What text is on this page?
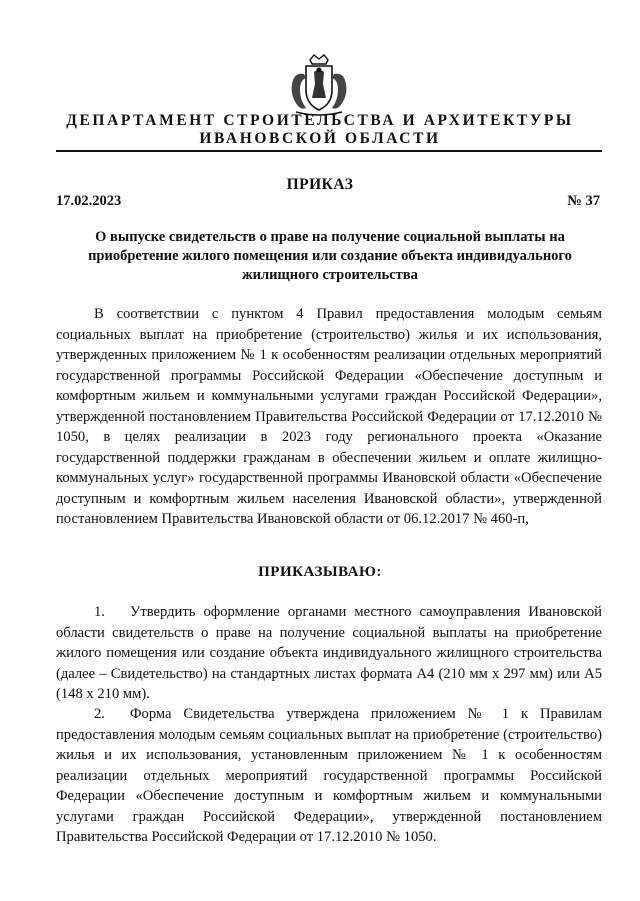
ДЕПАРТАМЕНТ СТРОИТЕЛЬСТВА И АРХИТЕКТУРЫ
ИВАНОВСКОЙ ОБЛАСТИ
ПРИКАЗ
17.02.2023	№ 37
О выпуске свидетельств о праве на получение социальной выплаты на приобретение жилого помещения или создание объекта индивидуального жилищного строительства

В соответствии с пунктом 4 Правил предоставления молодым семьям социальных выплат на приобретение (строительство) жилья и их использования, утвержденных приложением № 1 к особенностям реализации отдельных мероприятий государственной программы Российской Федерации «Обеспечение доступным и комфортным жильем и коммунальными услугами граждан Российской Федерации», утвержденной постановлением Правительства Российской Федерации от 17.12.2010 № 1050, в целях реализации в 2023 году регионального проекта «Оказание государственной поддержки гражданам в обеспечении жильем и оплате жилищно-коммунальных услуг» государственной программы Ивановской области «Обеспечение доступным и комфортным жильем населения Ивановской области», утвержденной постановлением Правительства Ивановской области от 06.12.2017 № 460-п,

ПРИКАЗЫВАЮ:

1. Утвердить оформление органами местного самоуправления Ивановской области свидетельств о праве на получение социальной выплаты на приобретение жилого помещения или создание объекта индивидуального жилищного строительства (далее – Свидетельство) на стандартных листах формата А4 (210 мм х 297 мм) или А5 (148 х 210 мм).

2. Форма Свидетельства утверждена приложением № 1 к Правилам предоставления молодым семьям социальных выплат на приобретение (строительство) жилья и их использования, установленным приложением № 1 к особенностям реализации отдельных мероприятий государственной программы Российской Федерации «Обеспечение доступным и комфортным жильем и коммунальными услугами граждан Российской Федерации», утвержденной постановлением Правительства Российской Федерации от 17.12.2010 № 1050.
